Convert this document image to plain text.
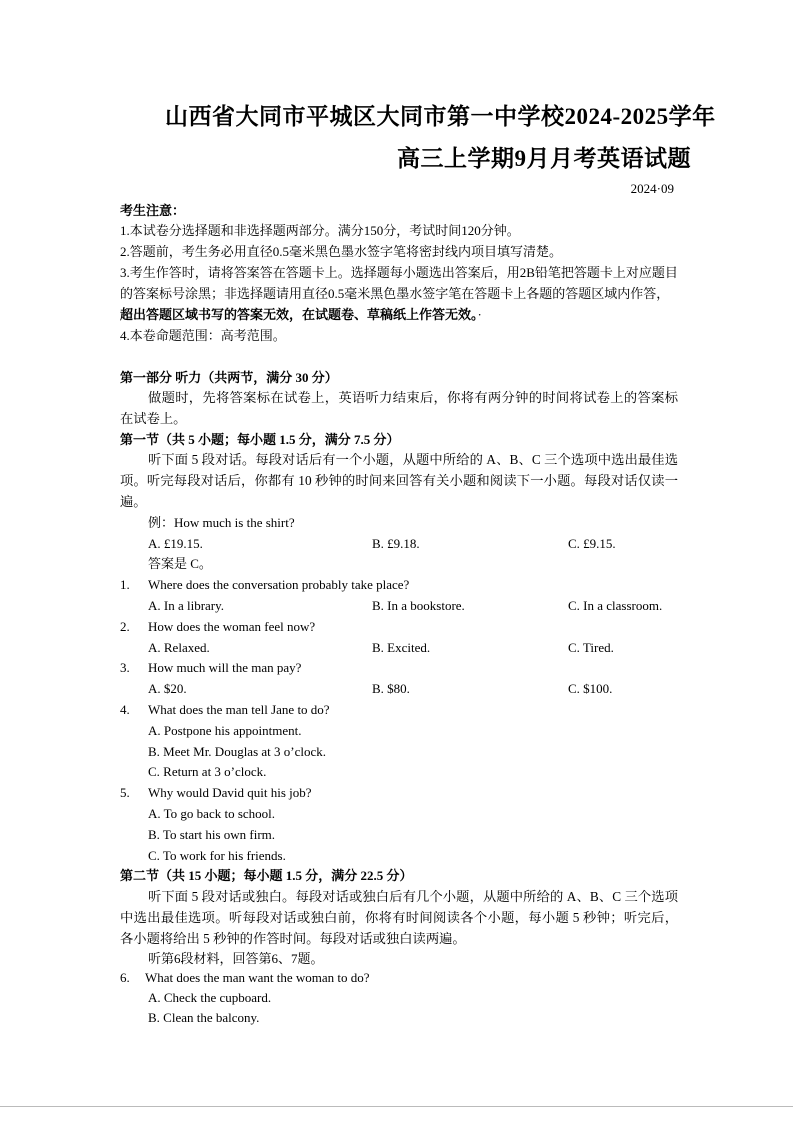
山西省大同市平城区大同市第一中学校2024-2025学年
高三上学期9月月考英语试题
2024·09
考生注意：
1.本试卷分选择题和非选择题两部分。满分150分，考试时间120分钟。
2.答题前，考生务必用直径0.5毫米黑色墨水签字笔将密封线内项目填写清楚。
3.考生作答时，请将答案答在答题卡上。选择题每小题选出答案后，用2B铅笔把答题卡上对应题目的答案标号涂黑；非选择题请用直径0.5毫米黑色墨水签字笔在答题卡上各题的答题区域内作答，超出答题区域书写的答案无效，在试题卷、草稿纸上作答无效。·
4.本卷命题范围：高考范围。
第一部分 听力（共两节，满分 30 分）
做题时，先将答案标在试卷上，英语听力结束后，你将有两分钟的时间将试卷上的答案标在试卷上。
第一节（共 5 小题；每小题 1.5 分，满分 7.5 分）
听下面 5 段对话。每段对话后有一个小题，从题中所给的 A、B、C 三个选项中选出最佳选项。听完每段对话后，你都有 10 秒钟的时间来回答有关小题和阅读下一小题。每段对话仅读一遍。
例：How much is the shirt?
A. £19.15.	B. £9.18.	C. £9.15.
答案是 C。
1. Where does the conversation probably take place?
A. In a library.	B. In a bookstore.	C. In a classroom.
2. How does the woman feel now?
A. Relaxed.	B. Excited.	C. Tired.
3. How much will the man pay?
A. $20.	B. $80.	C. $100.
4. What does the man tell Jane to do?
A. Postpone his appointment.
B. Meet Mr. Douglas at 3 o’clock.
C. Return at 3 o’clock.
5. Why would David quit his job?
A. To go back to school.
B. To start his own firm.
C. To work for his friends.
第二节（共 15 小题；每小题 1.5 分，满分 22.5 分）
听下面 5 段对话或独白。每段对话或独白后有几个小题，从题中所给的 A、B、C 三个选项中选出最佳选项。听每段对话或独白前，你将有时间阅读各个小题，每小题 5 秒钟；听完后，各小题将给出 5 秒钟的作答时间。每段对话或独白读两遍。
听第6段材料，回答第6、7题。
6. What does the man want the woman to do?
A. Check the cupboard.
B. Clean the balcony.
